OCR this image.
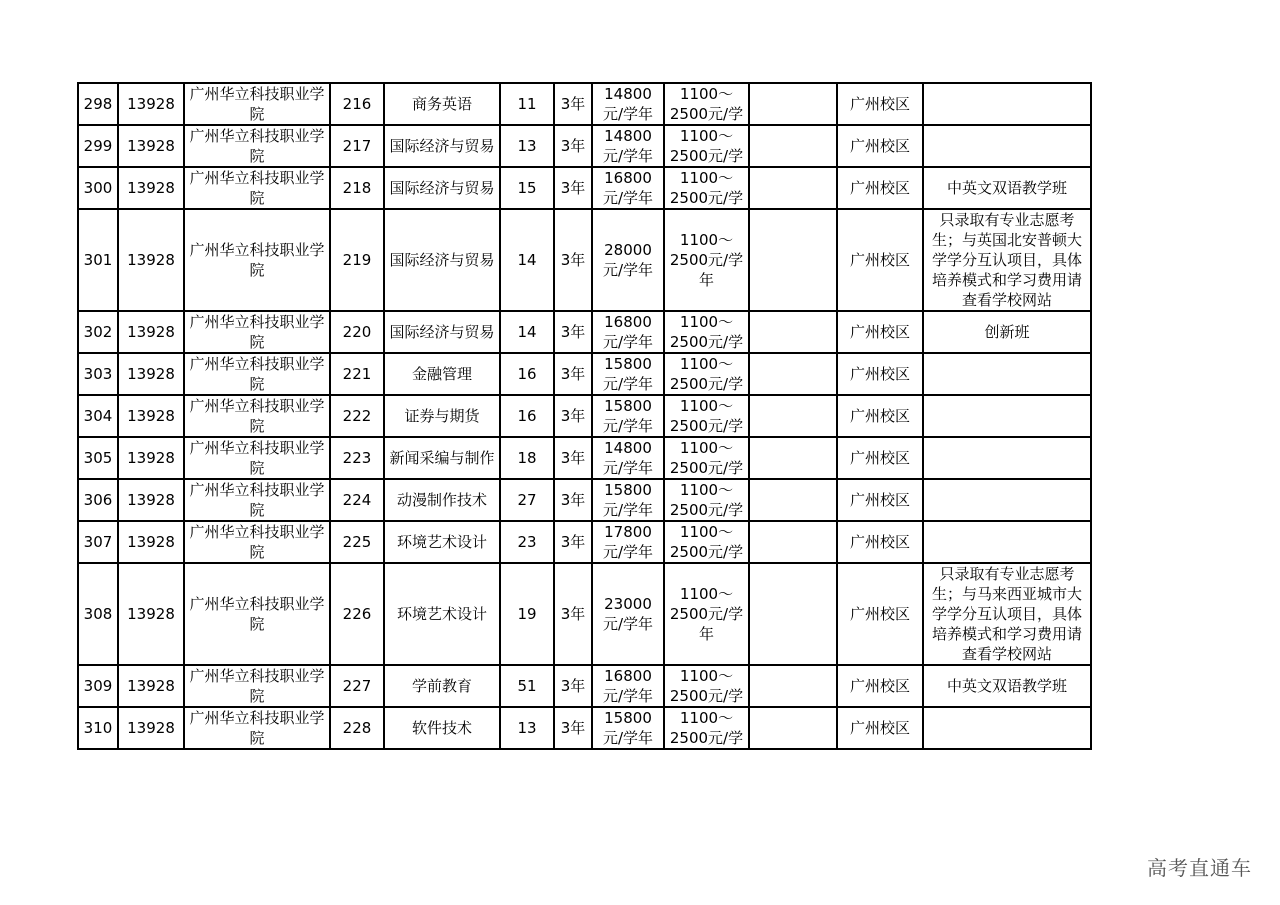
298	13928	广州华立科技职业学院	216	商务英语	11	3年	14800元/学年	1100～2500元/学		广州校区	
299	13928	广州华立科技职业学院	217	国际经济与贸易	13	3年	14800元/学年	1100～2500元/学		广州校区	
300	13928	广州华立科技职业学院	218	国际经济与贸易	15	3年	16800元/学年	1100～2500元/学		广州校区	中英文双语教学班
301	13928	广州华立科技职业学院	219	国际经济与贸易	14	3年	28000元/学年	1100～2500元/学年		广州校区	只录取有专业志愿考生；与英国北安普顿大学学分互认项目，具体培养模式和学习费用请查看学校网站
302	13928	广州华立科技职业学院	220	国际经济与贸易	14	3年	16800元/学年	1100～2500元/学		广州校区	创新班
303	13928	广州华立科技职业学院	221	金融管理	16	3年	15800元/学年	1100～2500元/学		广州校区	
304	13928	广州华立科技职业学院	222	证券与期货	16	3年	15800元/学年	1100～2500元/学		广州校区	
305	13928	广州华立科技职业学院	223	新闻采编与制作	18	3年	14800元/学年	1100～2500元/学		广州校区	
306	13928	广州华立科技职业学院	224	动漫制作技术	27	3年	15800元/学年	1100～2500元/学		广州校区	
307	13928	广州华立科技职业学院	225	环境艺术设计	23	3年	17800元/学年	1100～2500元/学		广州校区	
308	13928	广州华立科技职业学院	226	环境艺术设计	19	3年	23000元/学年	1100～2500元/学年		广州校区	只录取有专业志愿考生；与马来西亚城市大学学分互认项目，具体培养模式和学习费用请查看学校网站
309	13928	广州华立科技职业学院	227	学前教育	51	3年	16800元/学年	1100～2500元/学		广州校区	中英文双语教学班
310	13928	广州华立科技职业学院	228	软件技术	13	3年	15800元/学年	1100～2500元/学		广州校区	
高考直通车
